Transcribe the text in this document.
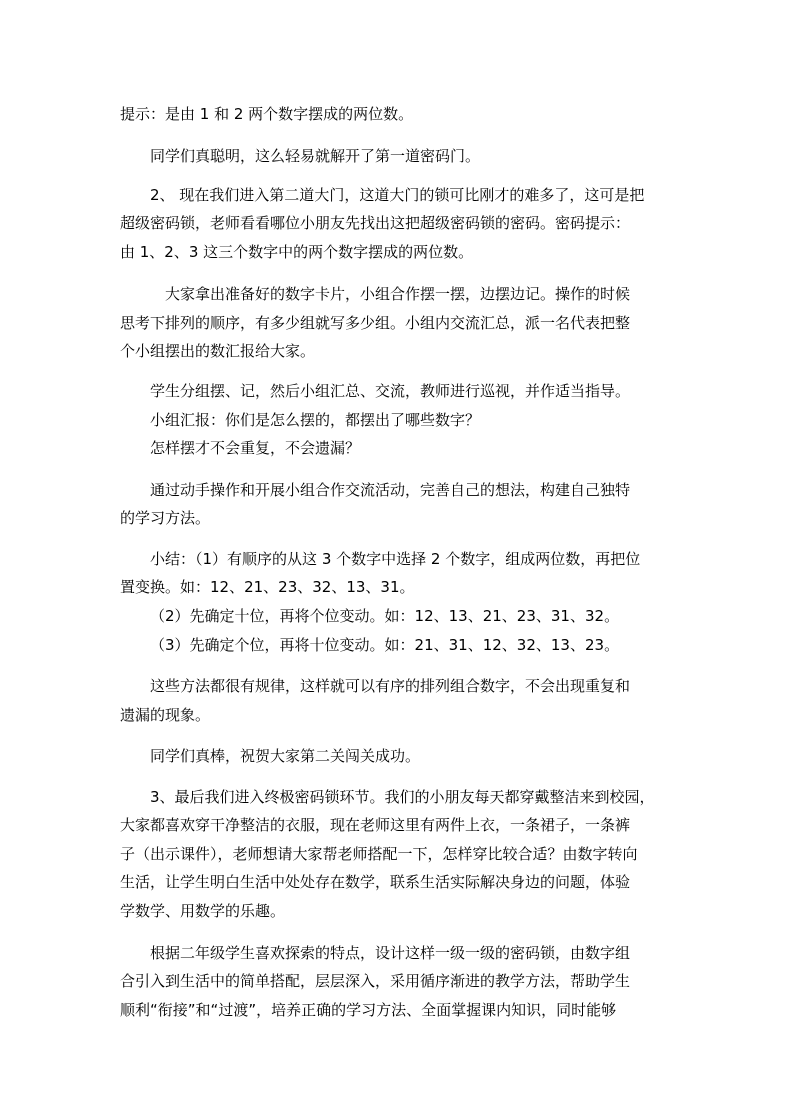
提示：是由 1 和 2 两个数字摆成的两位数。
同学们真聪明，这么轻易就解开了第一道密码门。
2、 现在我们进入第二道大门，这道大门的锁可比刚才的难多了，这可是把
超级密码锁，老师看看哪位小朋友先找出这把超级密码锁的密码。密码提示：
由 1、2、3 这三个数字中的两个数字摆成的两位数。
大家拿出准备好的数字卡片，小组合作摆一摆，边摆边记。操作的时候
思考下排列的顺序，有多少组就写多少组。小组内交流汇总，派一名代表把整
个小组摆出的数汇报给大家。
学生分组摆、记，然后小组汇总、交流，教师进行巡视，并作适当指导。
小组汇报：你们是怎么摆的，都摆出了哪些数字？
怎样摆才不会重复，不会遗漏？
通过动手操作和开展小组合作交流活动，完善自己的想法，构建自己独特
的学习方法。
小结：（1）有顺序的从这 3 个数字中选择 2 个数字，组成两位数，再把位
置变换。如：12、21、23、32、13、31。
（2）先确定十位，再将个位变动。如：12、13、21、23、31、32。
（3）先确定个位，再将十位变动。如：21、31、12、32、13、23。
这些方法都很有规律，这样就可以有序的排列组合数字，不会出现重复和
遗漏的现象。
同学们真棒，祝贺大家第二关闯关成功。
3、最后我们进入终极密码锁环节。我们的小朋友每天都穿戴整洁来到校园，
大家都喜欢穿干净整洁的衣服，现在老师这里有两件上衣，一条裙子，一条裤
子（出示课件），老师想请大家帮老师搭配一下，怎样穿比较合适？由数字转向
生活，让学生明白生活中处处存在数学，联系生活实际解决身边的问题，体验
学数学、用数学的乐趣。
根据二年级学生喜欢探索的特点，设计这样一级一级的密码锁，由数字组
合引入到生活中的简单搭配，层层深入，采用循序渐进的教学方法，帮助学生
顺利“衔接”和“过渡”，培养正确的学习方法、全面掌握课内知识，同时能够
